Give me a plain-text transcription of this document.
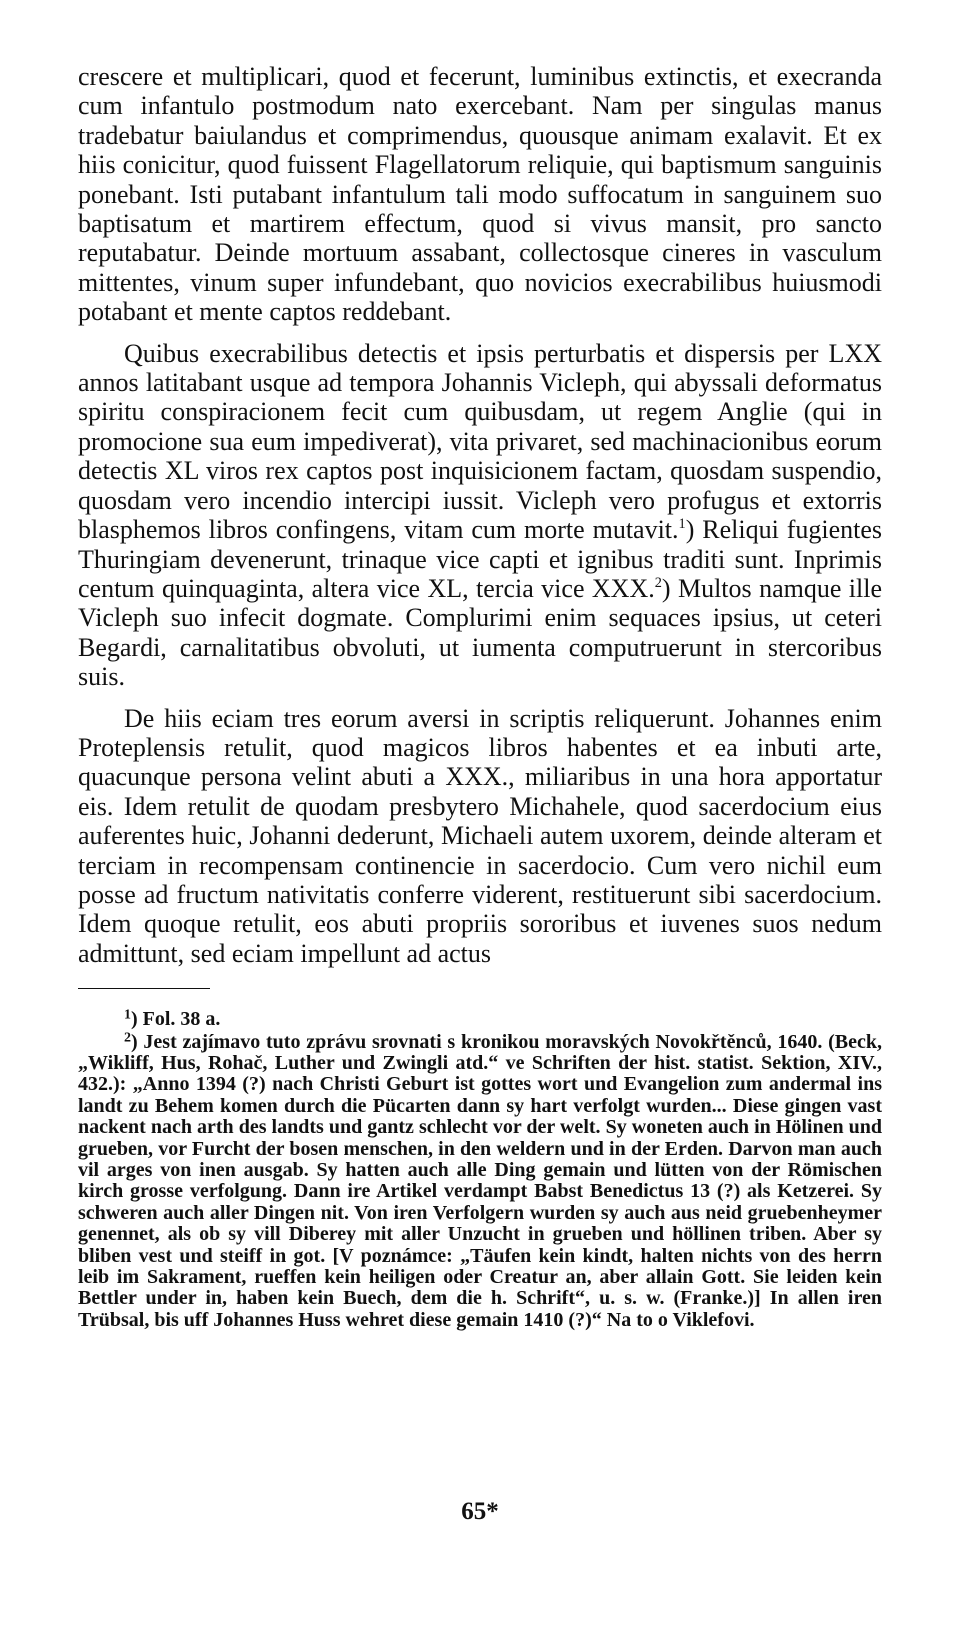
crescere et multiplicari, quod et fecerunt, luminibus extinctis, et execranda cum infantulo postmodum nato exercebant. Nam per singulas manus tradebatur baiulandus et comprimendus, quousque animam exalavit. Et ex hiis conicitur, quod fuissent Flagellatorum reliquie, qui baptismum sanguinis ponebant. Isti putabant infantulum tali modo suffocatum in sanguinem suo baptisatum et martirem effectum, quod si vivus mansit, pro sancto reputabatur. Deinde mortuum assabant, collectosque cineres in vasculum mittentes, vinum super infundebant, quo novicios execrabilibus huiusmodi potabant et mente captos reddebant.

Quibus execrabilibus detectis et ipsis perturbatis et dispersis per LXX annos latitabant usque ad tempora Johannis Vicleph, qui abyssali deformatus spiritu conspiracionem fecit cum quibusdam, ut regem Anglie (qui in promocione sua eum impediverat), vita privaret, sed machinacionibus eorum detectis XL viros rex captos post inquisicionem factam, quosdam suspendio, quosdam vero incendio intercipi iussit. Vicleph vero profugus et extorris blasphemos libros confingens, vitam cum morte mutavit.$^1$) Reliqui fugientes Thuringiam devenerunt, trinaque vice capti et ignibus traditi sunt. Inprimis centum quinquaginta, altera vice XL, tercia vice XXX.$^2$) Multos namque ille Vicleph suo infecit dogmate. Complurimi enim sequaces ipsius, ut ceteri Begardi, carnalitatibus obvoluti, ut iumenta computruerunt in stercoribus suis.

De hiis eciam tres eorum aversi in scriptis reliquerunt. Johannes enim Proteplensis retulit, quod magicos libros habentes et ea inbuti arte, quacunque persona velint abuti a XXX., miliaribus in una hora apportatur eis. Idem retulit de quodam presbytero Michahele, quod sacerdocium eius auferentes huic, Johanni dederunt, Michaeli autem uxorem, deinde alteram et terciam in recompensam continencie in sacerdocio. Cum vero nichil eum posse ad fructum nativitatis conferre viderent, restituerunt sibi sacerdocium. Idem quoque retulit, eos abuti propriis sororibus et iuvenes suos nedum admittunt, sed eciam impellunt ad actus

$^1$) Fol. 38 a.

$^2$) Jest zajímavo tuto zprávu srovnati s kronikou moravských Novokřtěnců, 1640. (Beck, „Wikliff, Hus, Rohač, Luther und Zwingli atd.“ ve Schriften der hist. statist. Sektion, XIV., 432.): „Anno 1394 (?) nach Christi Geburt ist gottes wort und Evangelion zum andermal ins landt zu Behem komen durch die Pücarten dann sy hart verfolgt wurden... Diese gingen vast nackent nach arth des landts und gantz schlecht vor der welt. Sy woneten auch in Hölinen und grueben, vor Furcht der bosen menschen, in den weldern und in der Erden. Darvon man auch vil arges von inen ausgab. Sy hatten auch alle Ding gemain und lütten von der Römischen kirch grosse verfolgung. Dann ire Artikel verdampt Babst Benedictus 13 (?) als Ketzerei. Sy schweren auch aller Dingen nit. Von iren Verfolgern wurden sy auch aus neid gruebenheymer genennet, als ob sy vill Diberey mit aller Unzucht in grueben und höllinen triben. Aber sy bliben vest und steiff in got. [V poznámce: „Täufen kein kindt, halten nichts von des herrn leib im Sakrament, rueffen kein heiligen oder Creatur an, aber allain Gott. Sie leiden kein Bettler under in, haben kein Buech, dem die h. Schrift“, u. s. w. (Franke.)] In allen iren Trübsal, bis uff Johannes Huss wehret diese gemain 1410 (?)“ Na to o Viklefovi.

65*
